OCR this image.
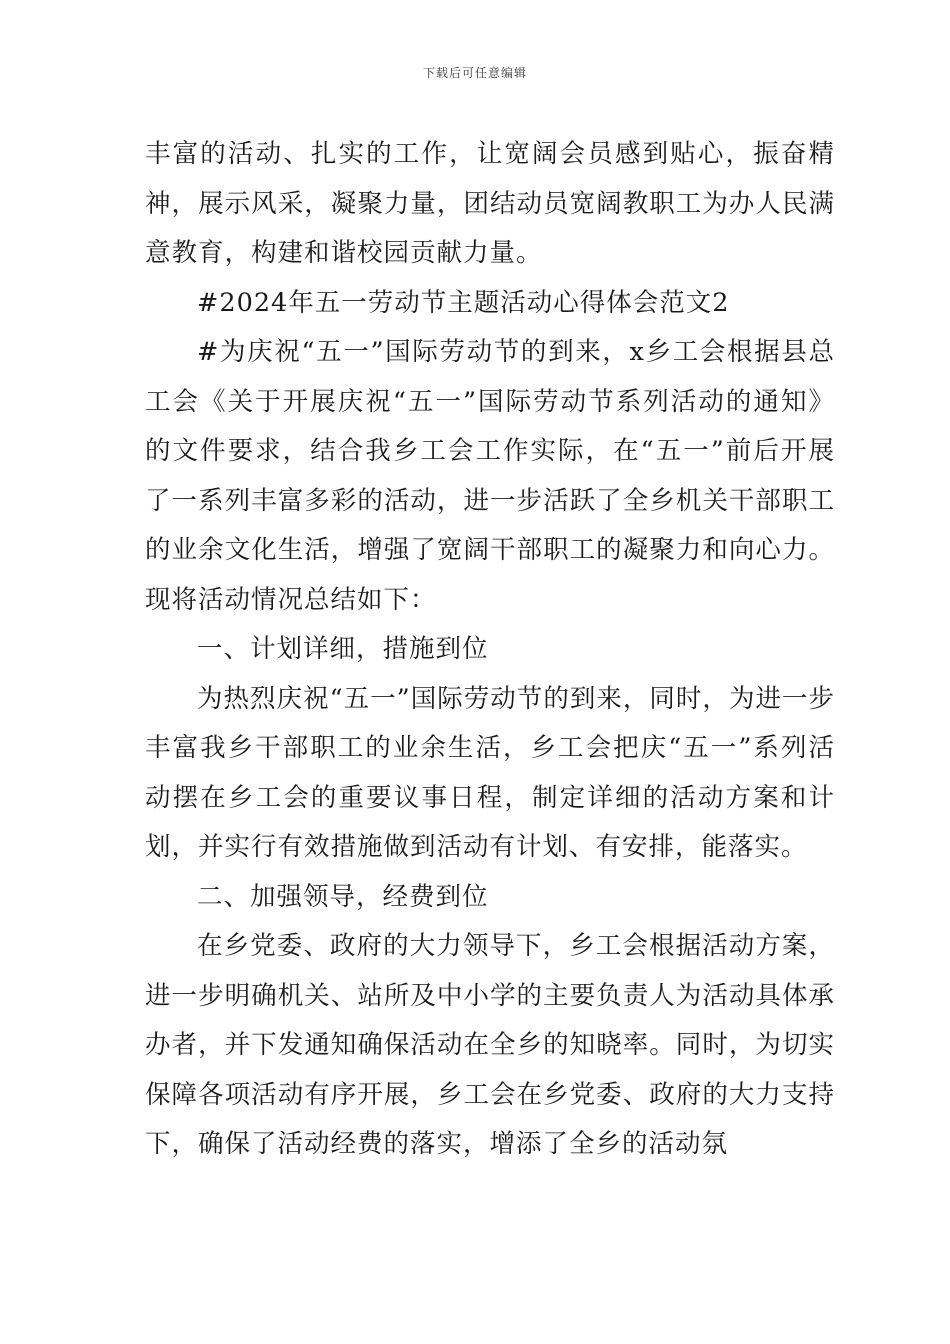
下载后可任意编辑

丰富的活动、扎实的工作，让宽阔会员感到贴心，振奋精神，展示风采，凝聚力量，团结动员宽阔教职工为办人民满意教育，构建和谐校园贡献力量。

#2024年五一劳动节主题活动心得体会范文2

#为庆祝“五一”国际劳动节的到来，x乡工会根据县总工会《关于开展庆祝“五一”国际劳动节系列活动的通知》的文件要求，结合我乡工会工作实际，在“五一”前后开展了一系列丰富多彩的活动，进一步活跃了全乡机关干部职工的业余文化生活，增强了宽阔干部职工的凝聚力和向心力。现将活动情况总结如下：

一、计划详细，措施到位

为热烈庆祝“五一”国际劳动节的到来，同时，为进一步丰富我乡干部职工的业余生活，乡工会把庆“五一”系列活动摆在乡工会的重要议事日程，制定详细的活动方案和计划，并实行有效措施做到活动有计划、有安排，能落实。

二、加强领导，经费到位

在乡党委、政府的大力领导下，乡工会根据活动方案，进一步明确机关、站所及中小学的主要负责人为活动具体承办者，并下发通知确保活动在全乡的知晓率。同时，为切实保障各项活动有序开展，乡工会在乡党委、政府的大力支持下，确保了活动经费的落实，增添了全乡的活动氛
